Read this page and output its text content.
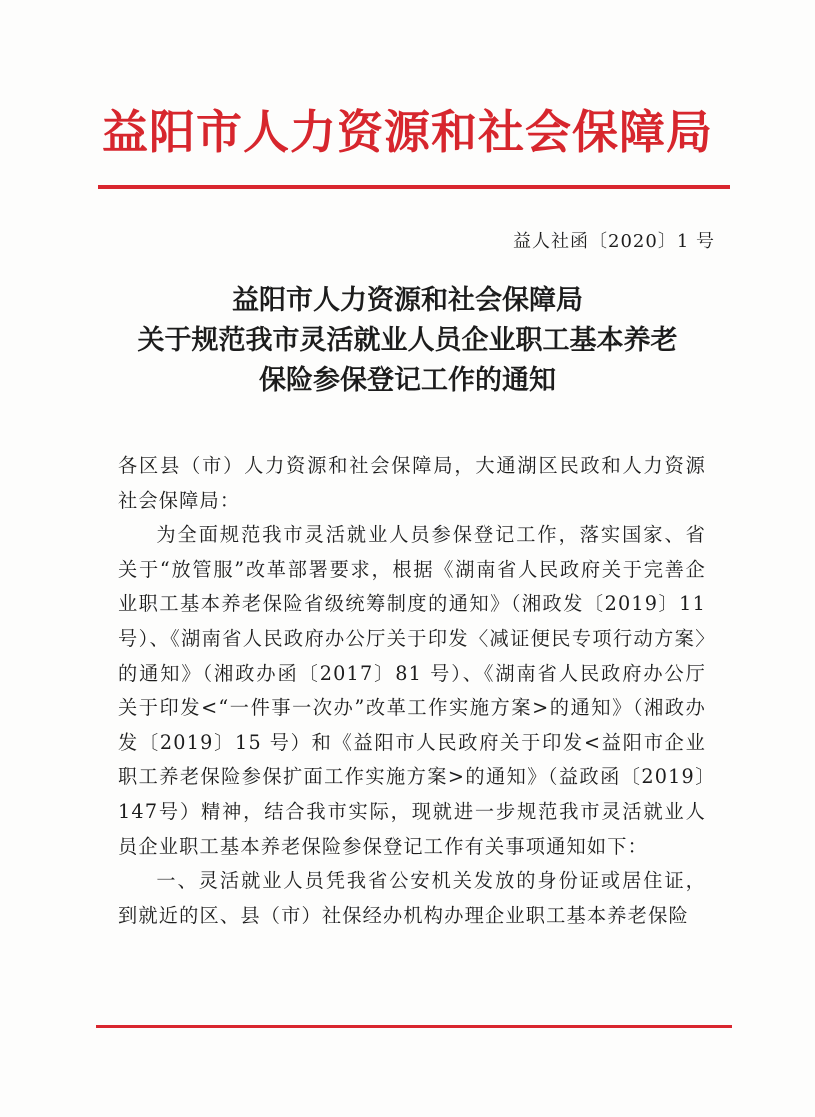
益阳市人力资源和社会保障局
益人社函〔2020〕1 号
益阳市人力资源和社会保障局
关于规范我市灵活就业人员企业职工基本养老
保险参保登记工作的通知

各区县（市）人力资源和社会保障局，大通湖区民政和人力资源社会保障局：

为全面规范我市灵活就业人员参保登记工作，落实国家、省关于“放管服”改革部署要求，根据《湖南省人民政府关于完善企业职工基本养老保险省级统筹制度的通知》（湘政发〔2019〕11号）、《湖南省人民政府办公厅关于印发〈减证便民专项行动方案〉的通知》（湘政办函〔2017〕81 号）、《湖南省人民政府办公厅关于印发<“一件事一次办”改革工作实施方案>的通知》（湘政办发〔2019〕15 号）和《益阳市人民政府关于印发<益阳市企业职工养老保险参保扩面工作实施方案>的通知》（益政函〔2019〕147号）精神，结合我市实际，现就进一步规范我市灵活就业人员企业职工基本养老保险参保登记工作有关事项通知如下：

一、灵活就业人员凭我省公安机关发放的身份证或居住证，到就近的区、县（市）社保经办机构办理企业职工基本养老保险
